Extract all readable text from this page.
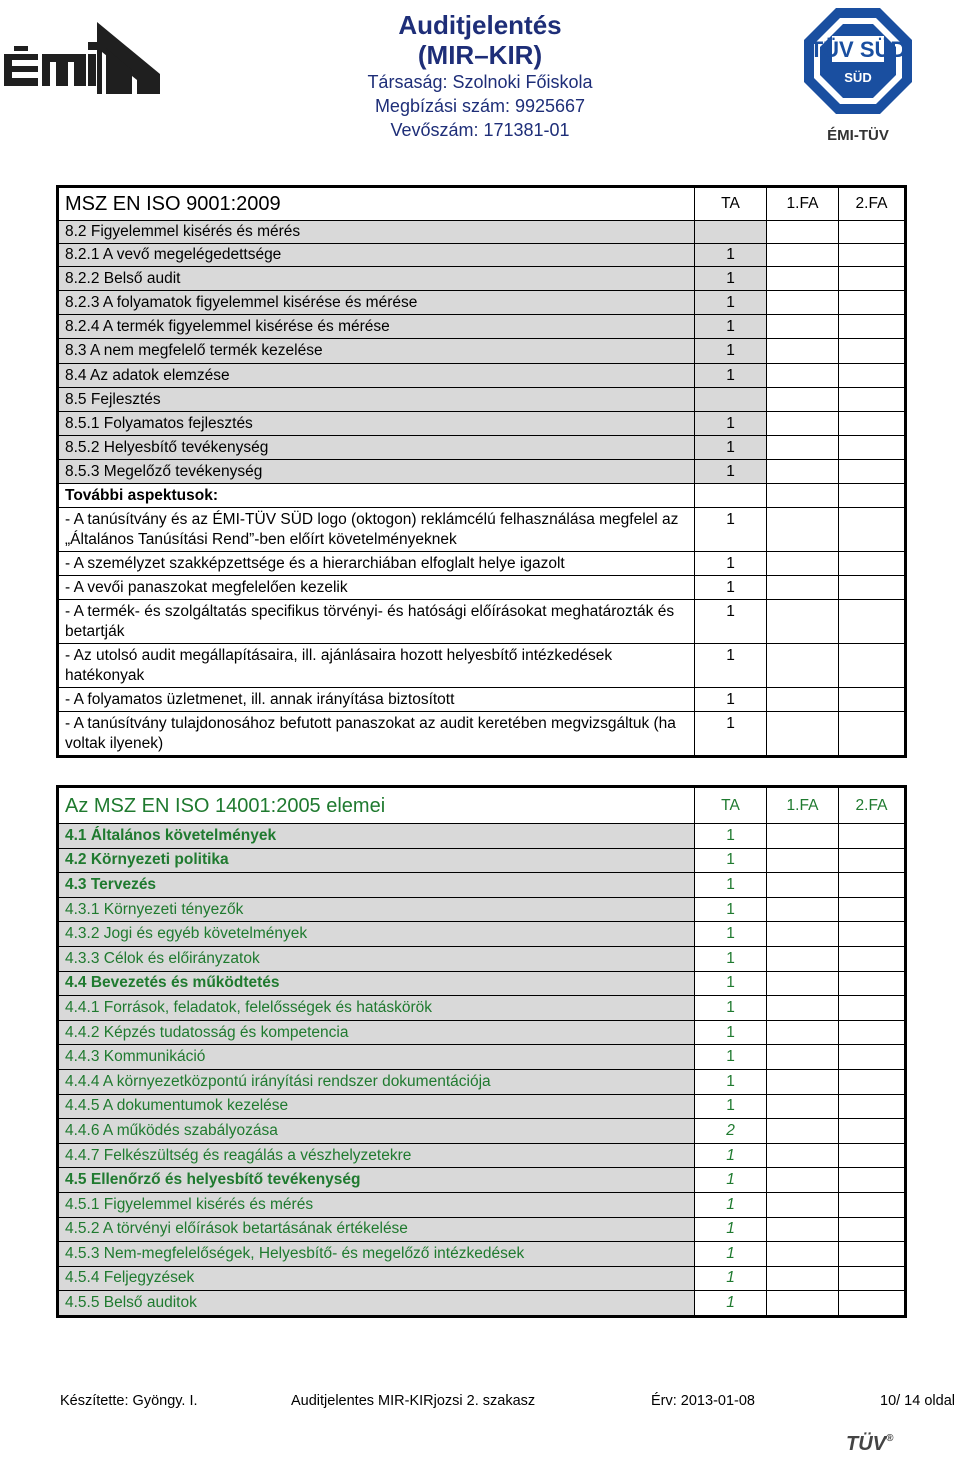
Auditjelentés
(MIR–KIR)
Társaság: Szolnoki Főiskola
Megbízási szám: 9925667
Vevőszám: 171381-01
TÜV SÜD
SÜD
ÉMI-TÜV
MSZ EN ISO 9001:2009	TA	1.FA	2.FA
8.2 Figyelemmel kisérés és mérés			
8.2.1 A vevő megelégedettsége	1		
8.2.2 Belső audit	1		
8.2.3 A folyamatok figyelemmel kisérése és mérése	1		
8.2.4 A termék figyelemmel kisérése és mérése	1		
8.3 A nem megfelelő termék kezelése	1		
8.4 Az adatok elemzése	1		
8.5 Fejlesztés			
8.5.1 Folyamatos fejlesztés	1		
8.5.2 Helyesbítő tevékenység	1		
8.5.3 Megelőző tevékenység	1		
További aspektusok:			
- A tanúsítvány és az ÉMI-TÜV SÜD logo (oktogon) reklámcélú felhasználása megfelel az „Általános Tanúsítási Rend”-ben előírt követelményeknek	1		
- A személyzet szakképzettsége és a hierarchiában elfoglalt helye igazolt	1		
- A vevői panaszokat megfelelően kezelik	1		
- A termék- és szolgáltatás specifikus törvényi- és hatósági előírásokat meghatározták és betartják	1		
- Az utolsó audit megállapításaira, ill. ajánlásaira hozott helyesbítő intézkedések hatékonyak	1		
- A folyamatos üzletmenet, ill. annak irányítása biztosított	1		
- A tanúsítvány tulajdonosához befutott panaszokat az audit keretében megvizsgáltuk (ha voltak ilyenek)	1		
Az MSZ EN ISO 14001:2005 elemei	TA	1.FA	2.FA
4.1 Általános követelmények	1		
4.2 Környezeti politika	1		
4.3 Tervezés	1		
4.3.1 Környezeti tényezők	1		
4.3.2 Jogi és egyéb követelmények	1		
4.3.3 Célok és előirányzatok	1		
4.4 Bevezetés és működtetés	1		
4.4.1 Források, feladatok, felelősségek és hatáskörök	1		
4.4.2 Képzés tudatosság és kompetencia	1		
4.4.3 Kommunikáció	1		
4.4.4 A környezetközpontú irányítási rendszer dokumentációja	1		
4.4.5 A dokumentumok kezelése	1		
4.4.6 A működés szabályozása	2		
4.4.7 Felkészültség és reagálás a vészhelyzetekre	1		
4.5 Ellenőrző és helyesbítő tevékenység	1		
4.5.1 Figyelemmel kisérés és mérés	1		
4.5.2 A törvényi előírások betartásának értékelése	1		
4.5.3 Nem-megfelelőségek, Helyesbítő- és megelőző intézkedések	1		
4.5.4 Feljegyzések	1		
4.5.5 Belső auditok	1		
Készítette: Gyöngy. I.	Auditjelentes MIR-KIRjozsi 2. szakasz	Érv: 2013-01-08	10/ 14 oldal
TÜV®
